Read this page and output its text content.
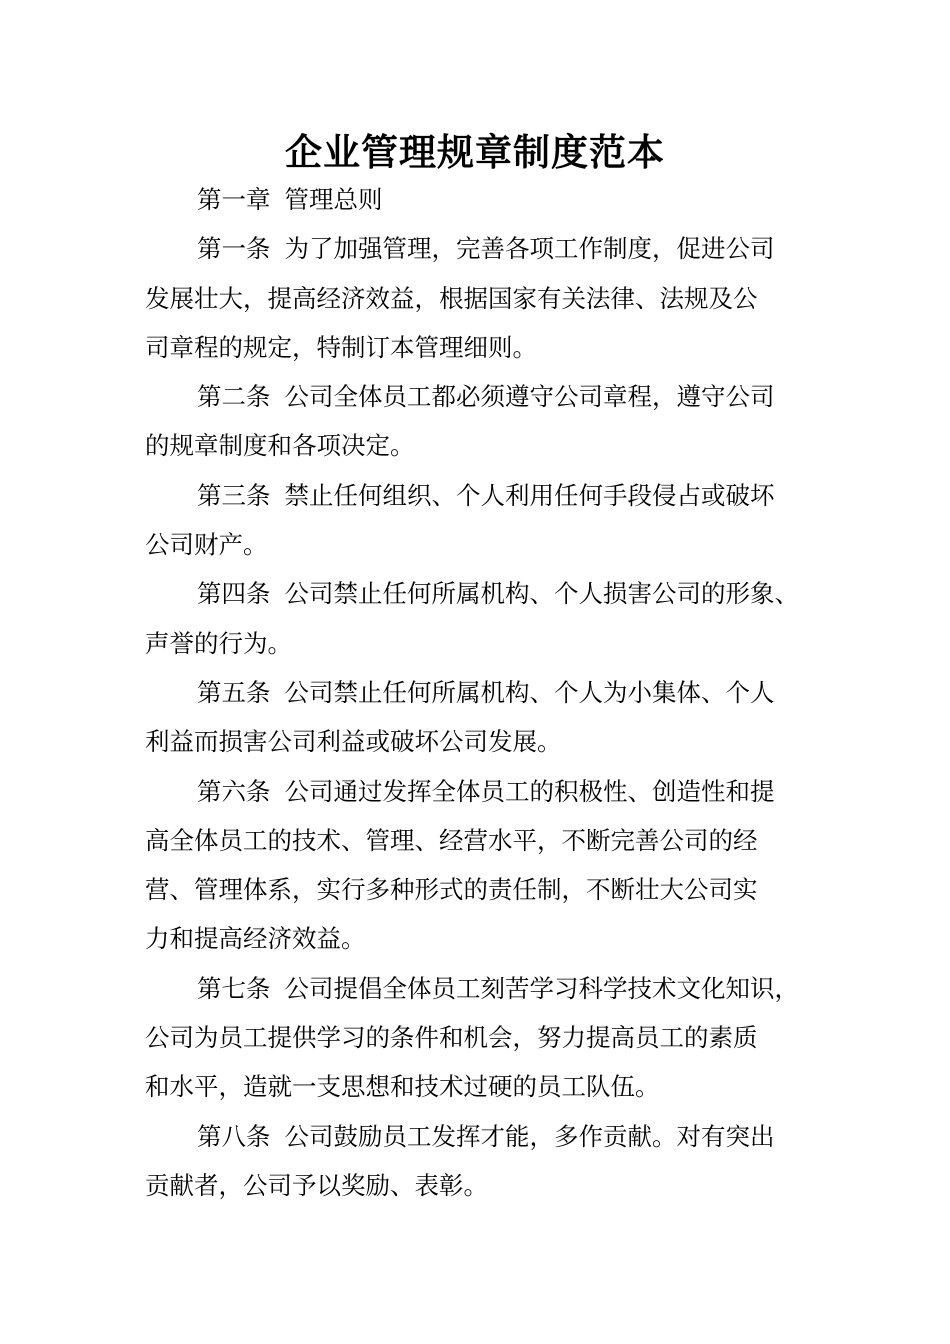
企业管理规章制度范本
第一章 管理总则
第一条 为了加强管理，完善各项工作制度，促进公司
发展壮大，提高经济效益，根据国家有关法律、法规及公
司章程的规定，特制订本管理细则。
第二条 公司全体员工都必须遵守公司章程，遵守公司
的规章制度和各项决定。
第三条 禁止任何组织、个人利用任何手段侵占或破坏
公司财产。
第四条 公司禁止任何所属机构、个人损害公司的形象、
声誉的行为。
第五条 公司禁止任何所属机构、个人为小集体、个人
利益而损害公司利益或破坏公司发展。
第六条 公司通过发挥全体员工的积极性、创造性和提
高全体员工的技术、管理、经营水平，不断完善公司的经
营、管理体系，实行多种形式的责任制，不断壮大公司实
力和提高经济效益。
第七条 公司提倡全体员工刻苦学习科学技术文化知识，
公司为员工提供学习的条件和机会，努力提高员工的素质
和水平，造就一支思想和技术过硬的员工队伍。
第八条 公司鼓励员工发挥才能，多作贡献。对有突出
贡献者，公司予以奖励、表彰。
